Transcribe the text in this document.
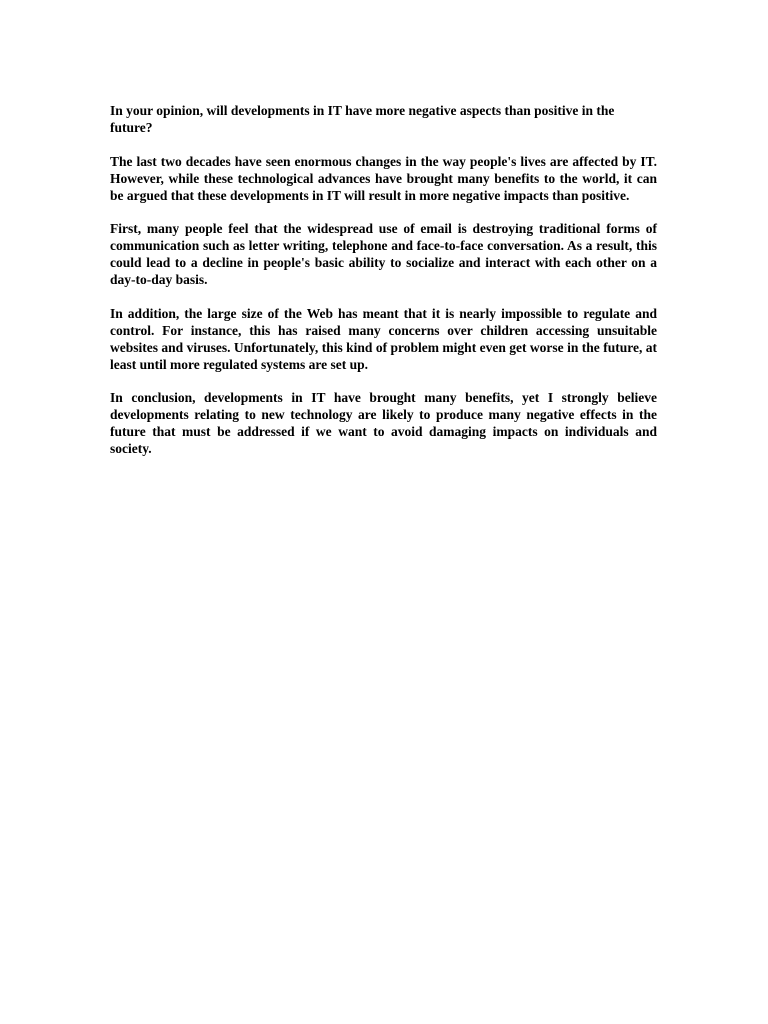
In your opinion, will developments in IT have more negative aspects than positive in the future?

The last two decades have seen enormous changes in the way people's lives are affected by IT. However, while these technological advances have brought many benefits to the world, it can be argued that these developments in IT will result in more negative impacts than positive.

First, many people feel that the widespread use of email is destroying traditional forms of communication such as letter writing, telephone and face-to-face conversation. As a result, this could lead to a decline in people's basic ability to socialize and interact with each other on a day-to-day basis.

In addition, the large size of the Web has meant that it is nearly impossible to regulate and control. For instance, this has raised many concerns over children accessing unsuitable websites and viruses. Unfortunately, this kind of problem might even get worse in the future, at least until more regulated systems are set up.

In conclusion, developments in IT have brought many benefits, yet I strongly believe developments relating to new technology are likely to produce many negative effects in the future that must be addressed if we want to avoid damaging impacts on individuals and society.
